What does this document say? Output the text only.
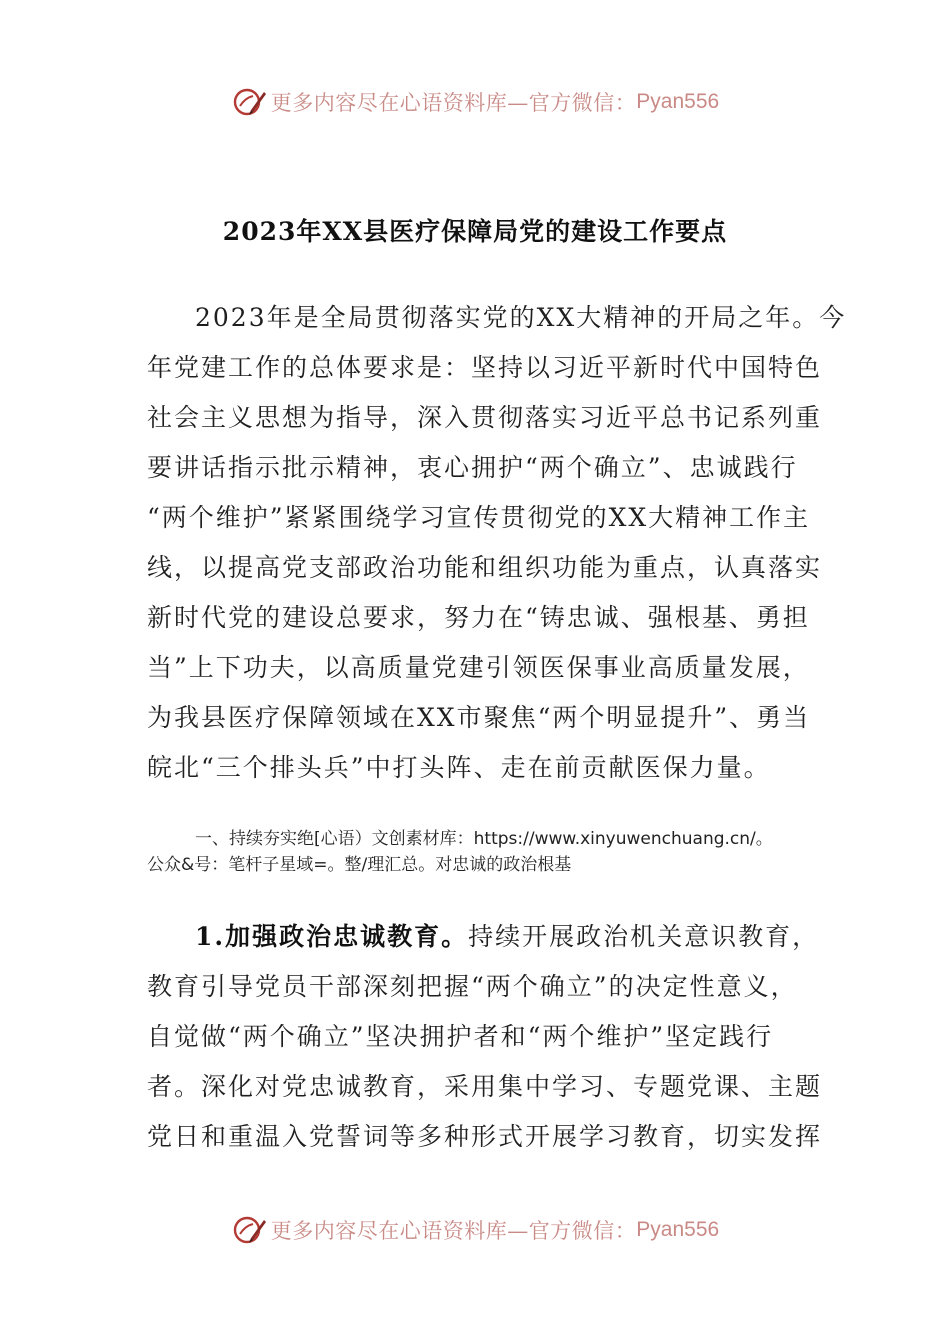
更多内容尽在心语资料库—官方微信： Pyan556
2023年XX县医疗保障局党的建设工作要点
2023年是全局贯彻落实党的XX大精神的开局之年。今
年党建工作的总体要求是：坚持以习近平新时代中国特色
社会主义思想为指导，深入贯彻落实习近平总书记系列重
要讲话指示批示精神，衷心拥护“两个确立”、忠诚践行
“两个维护”紧紧围绕学习宣传贯彻党的XX大精神工作主
线，以提高党支部政治功能和组织功能为重点，认真落实
新时代党的建设总要求，努力在“铸忠诚、强根基、勇担
当”上下功夫，以高质量党建引领医保事业高质量发展，
为我县医疗保障领域在XX市聚焦“两个明显提升”、勇当
皖北“三个排头兵”中打头阵、走在前贡献医保力量。
一、持续夯实绝[心语）文创素材库：https://www.xinyuwenchuang.cn/。
公众&号：笔杆子星域=。整/理汇总。对忠诚的政治根基
1.加强政治忠诚教育。持续开展政治机关意识教育，
教育引导党员干部深刻把握“两个确立”的决定性意义，
自觉做“两个确立”坚决拥护者和“两个维护”坚定践行
者。深化对党忠诚教育，采用集中学习、专题党课、主题
党日和重温入党誓词等多种形式开展学习教育，切实发挥
更多内容尽在心语资料库—官方微信： Pyan556
